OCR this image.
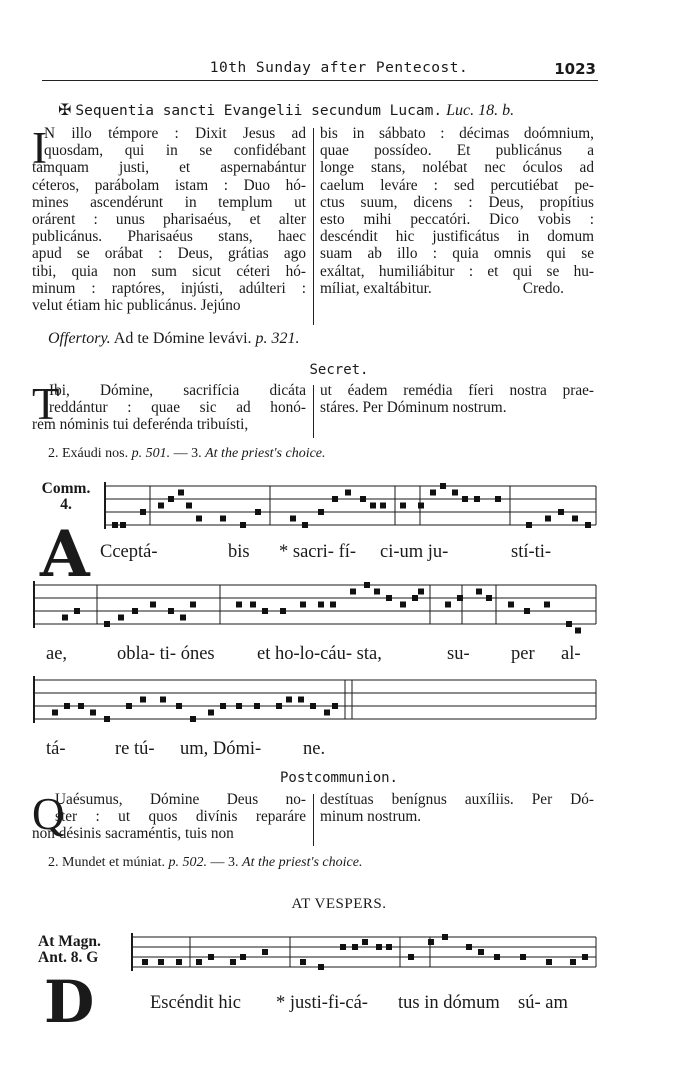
10th Sunday after Pentecost.	1023
✠ Sequentia sancti Evangelii secundum Lucam. Luc. 18. b.
I
N illo témpore : Dixit Jesus ad
quosdam, qui in se confidébant
tamquam justi, et aspernabántur
céteros, parábolam istam : Duo hó-
mines ascendérunt in templum ut
orárent : unus pharisaéus, et alter
publicánus. Pharisaéus stans, haec
apud se orábat : Deus, grátias ago
tibi, quia non sum sicut céteri hó-
minum : raptóres, injústi, adúlteri :
velut étiam hic publicánus. Jejúno
bis in sábbato : décimas doómnium,
quae possídeo. Et publicánus a
longe stans, nolébat nec óculos ad
caelum leváre : sed percutiébat pe-
ctus suum, dicens : Deus, propítius
esto mihi peccatóri. Dico vobis :
descéndit hic justificátus in domum
suam ab illo : quia omnis qui se
exáltat, humiliábitur : et qui se hu-
míliat, exaltábitur.	Credo.
Offertory. Ad te Dómine levávi. p. 321.
Secret.
T
Ibi, Dómine, sacrifícia dicáta
reddántur : quae sic ad honó-
rem nóminis tui deferénda tribuísti,
ut éadem remédia fíeri nostra prae-
stáres. Per Dóminum nostrum.
2. Exáudi nos. p. 501. — 3. At the priest's choice.
Comm.
4.
A Cceptá-	bis * sacri- fí- ci-um ju-	stí-ti-
ae,	obla- ti- ónes et ho-lo-cáu- sta,	su- per al-
tá-	re tú- um, Dómi- ne.
Postcommunion.
Q
Uaésumus, Dómine Deus no-
ster : ut quos divínis reparáre
non désinis sacraméntis, tuis non
destítuas benígnus auxíliis. Per Dó-
minum nostrum.
2. Mundet et múniat. p. 502. — 3. At the priest's choice.
AT VESPERS.
At Magn.
Ant. 8. G
D	Escéndit hic * justi-fi-cá- tus in dómum sú- am
